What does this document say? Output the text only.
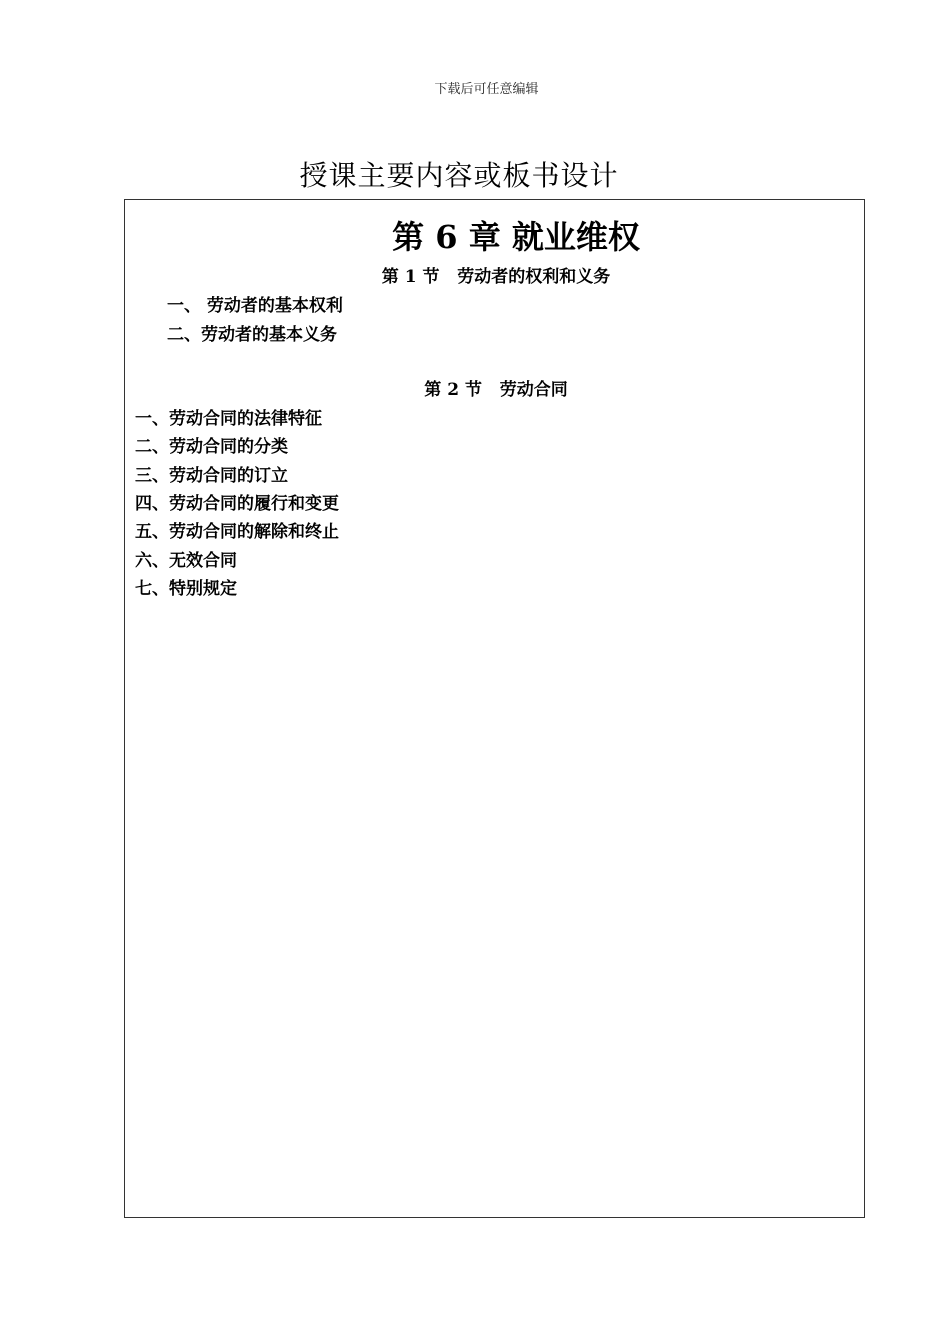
下载后可任意编辑
授课主要内容或板书设计
第 6 章 就业维权
第 1 节   劳动者的权利和义务
一、 劳动者的基本权利
二、劳动者的基本义务
第 2 节   劳动合同
一、劳动合同的法律特征
二、劳动合同的分类
三、劳动合同的订立
四、劳动合同的履行和变更
五、劳动合同的解除和终止
六、无效合同
七、特别规定
